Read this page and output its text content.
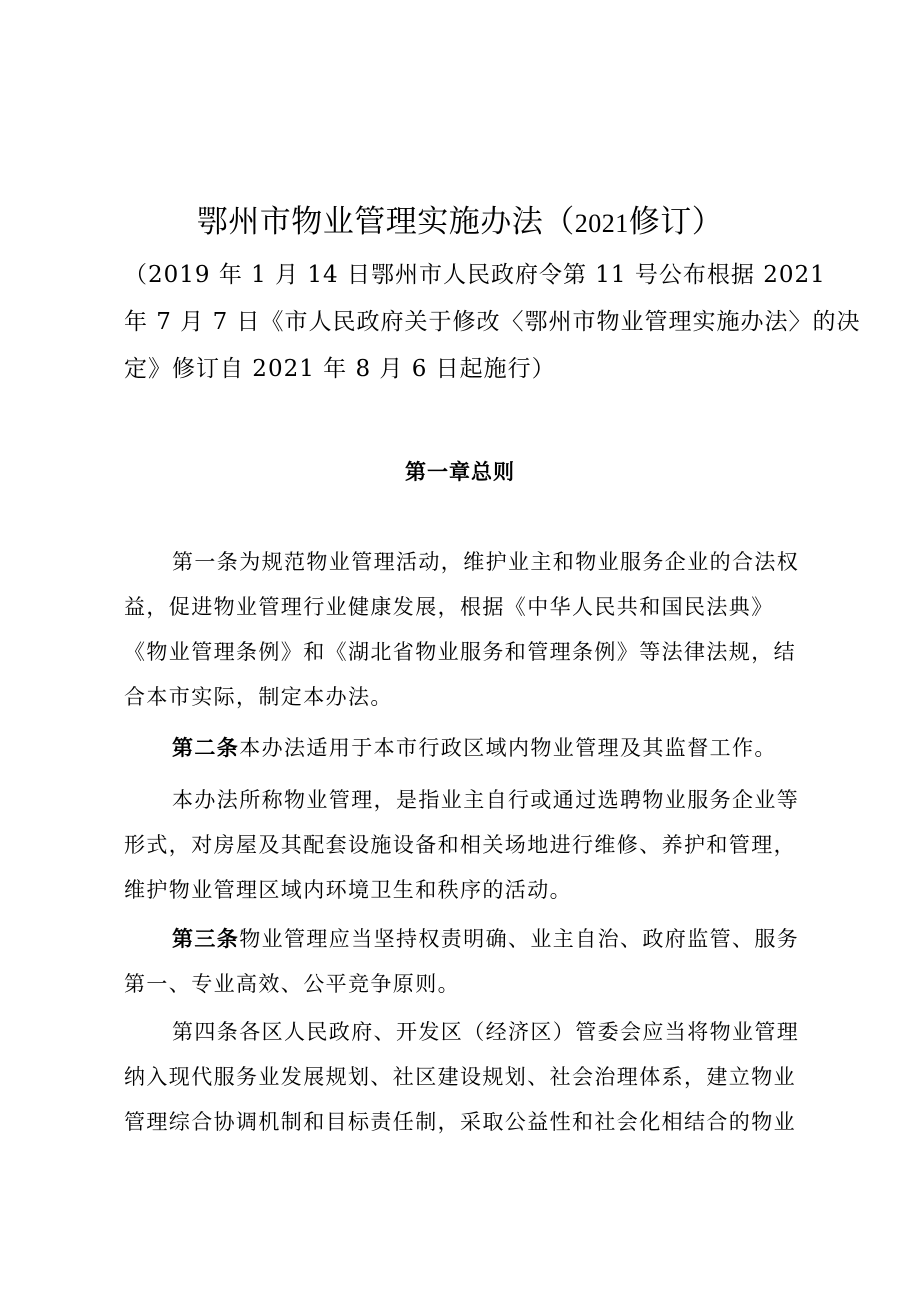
鄂州市物业管理实施办法（2021修订）
（2019 年 1 月 14 日鄂州市人民政府令第 11 号公布根据 2021
年 7 月 7 日《市人民政府关于修改〈鄂州市物业管理实施办法〉的决
定》修订自 2021 年 8 月 6 日起施行）
第一章总则
第一条为规范物业管理活动，维护业主和物业服务企业的合法权
益，促进物业管理行业健康发展，根据《中华人民共和国民法典》
《物业管理条例》和《湖北省物业服务和管理条例》等法律法规，结
合本市实际，制定本办法。
第二条本办法适用于本市行政区域内物业管理及其监督工作。
本办法所称物业管理，是指业主自行或通过选聘物业服务企业等
形式，对房屋及其配套设施设备和相关场地进行维修、养护和管理，
维护物业管理区域内环境卫生和秩序的活动。
第三条物业管理应当坚持权责明确、业主自治、政府监管、服务
第一、专业高效、公平竞争原则。
第四条各区人民政府、开发区（经济区）管委会应当将物业管理
纳入现代服务业发展规划、社区建设规划、社会治理体系，建立物业
管理综合协调机制和目标责任制，采取公益性和社会化相结合的物业
